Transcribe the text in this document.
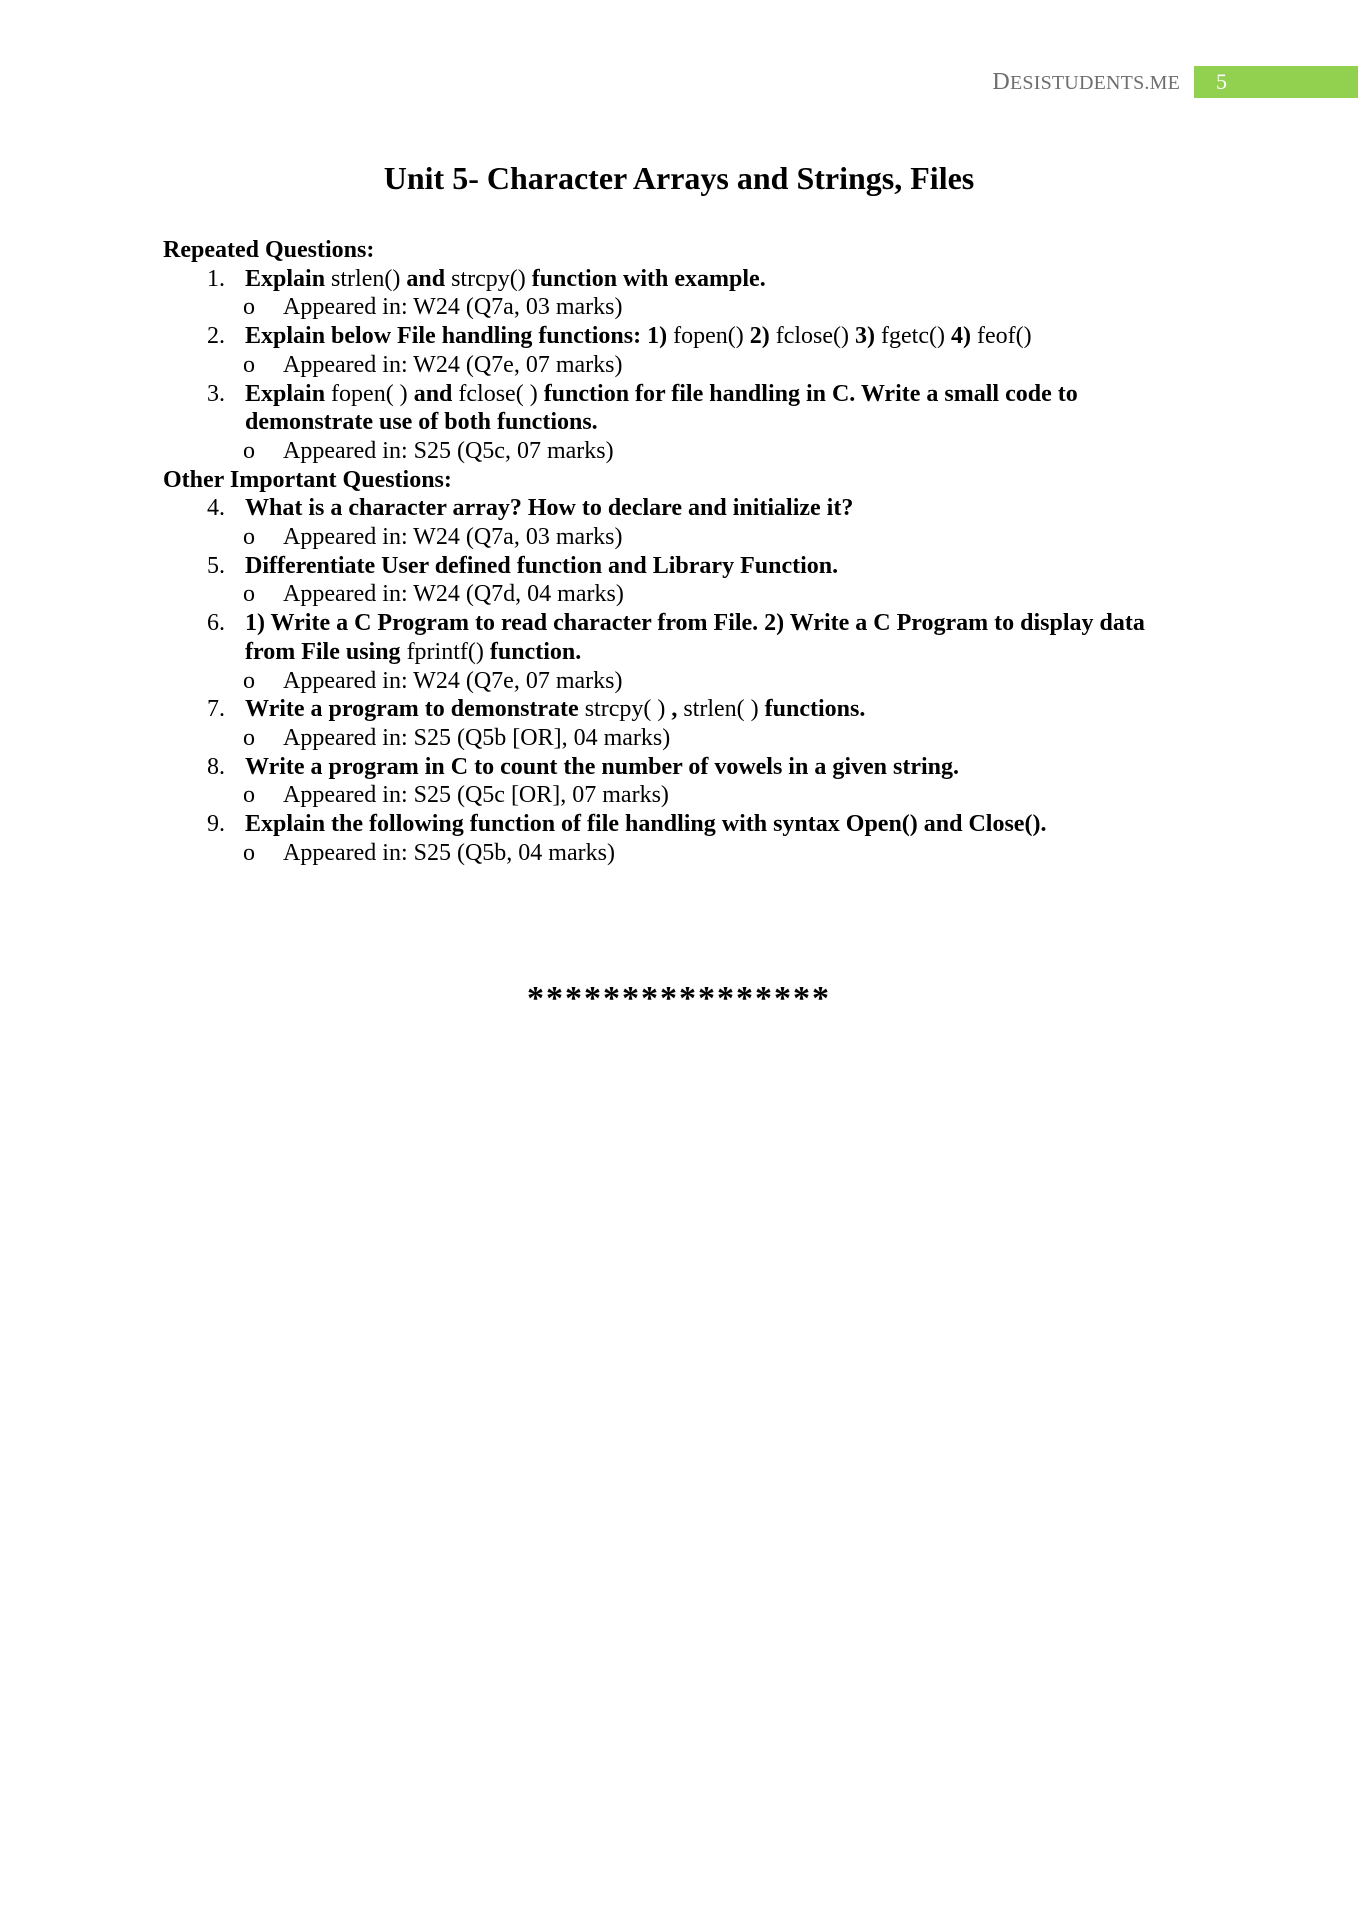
DESISTUDENTS.ME	5
Unit 5- Character Arrays and Strings, Files

Repeated Questions:

1. Explain strlen() and strcpy() function with example.
o	Appeared in: W24 (Q7a, 03 marks)
2. Explain below File handling functions: 1) fopen() 2) fclose() 3) fgetc() 4) feof()
o	Appeared in: W24 (Q7e, 07 marks)
3. Explain fopen( ) and fclose( ) function for file handling in C. Write a small code to
demonstrate use of both functions.
o	Appeared in: S25 (Q5c, 07 marks)

Other Important Questions:

4. What is a character array? How to declare and initialize it?
o	Appeared in: W24 (Q7a, 03 marks)
5. Differentiate User defined function and Library Function.
o	Appeared in: W24 (Q7d, 04 marks)
6. 1) Write a C Program to read character from File. 2) Write a C Program to display data
from File using fprintf() function.
o	Appeared in: W24 (Q7e, 07 marks)
7. Write a program to demonstrate strcpy( ) , strlen( ) functions.
o	Appeared in: S25 (Q5b [OR], 04 marks)
8. Write a program in C to count the number of vowels in a given string.
o	Appeared in: S25 (Q5c [OR], 07 marks)
9. Explain the following function of file handling with syntax Open() and Close().
o	Appeared in: S25 (Q5b, 04 marks)
****************
